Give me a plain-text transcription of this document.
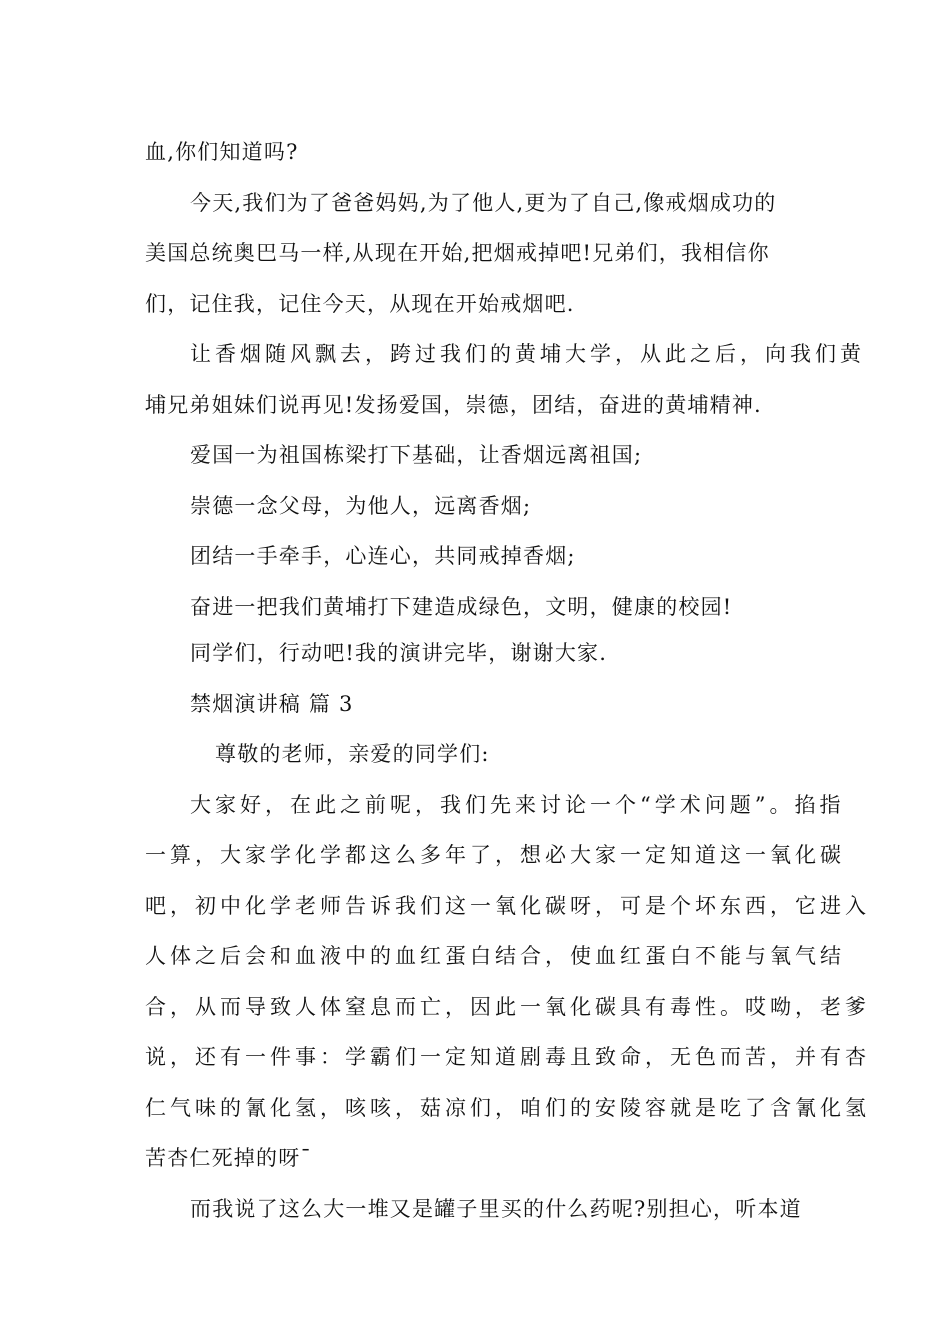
血,你们知道吗?
今天,我们为了爸爸妈妈,为了他人,更为了自己,像戒烟成功的
美国总统奥巴马一样,从现在开始,把烟戒掉吧!兄弟们，我相信你
们，记住我，记住今天，从现在开始戒烟吧.
让香烟随风飘去，跨过我们的黄埔大学，从此之后，向我们黄
埔兄弟姐妹们说再见!发扬爱国，崇德，团结，奋进的黄埔精神.
爱国一为祖国栋梁打下基础，让香烟远离祖国;
崇德一念父母，为他人，远离香烟;
团结一手牵手，心连心，共同戒掉香烟;
奋进一把我们黄埔打下建造成绿色，文明，健康的校园!
同学们，行动吧!我的演讲完毕，谢谢大家.
禁烟演讲稿 篇 3
尊敬的老师，亲爱的同学们:
大家好，在此之前呢，我们先来讨论一个“学术问题”。掐指
一算，大家学化学都这么多年了，想必大家一定知道这一氧化碳
吧，初中化学老师告诉我们这一氧化碳呀，可是个坏东西，它进入
人体之后会和血液中的血红蛋白结合，使血红蛋白不能与氧气结
合，从而导致人体窒息而亡，因此一氧化碳具有毒性。哎呦，老爹
说，还有一件事：学霸们一定知道剧毒且致命，无色而苦，并有杏
仁气味的氰化氢，咳咳，菇凉们，咱们的安陵容就是吃了含氰化氢
苦杏仁死掉的呀¯
而我说了这么大一堆又是罐子里买的什么药呢?别担心，听本道
